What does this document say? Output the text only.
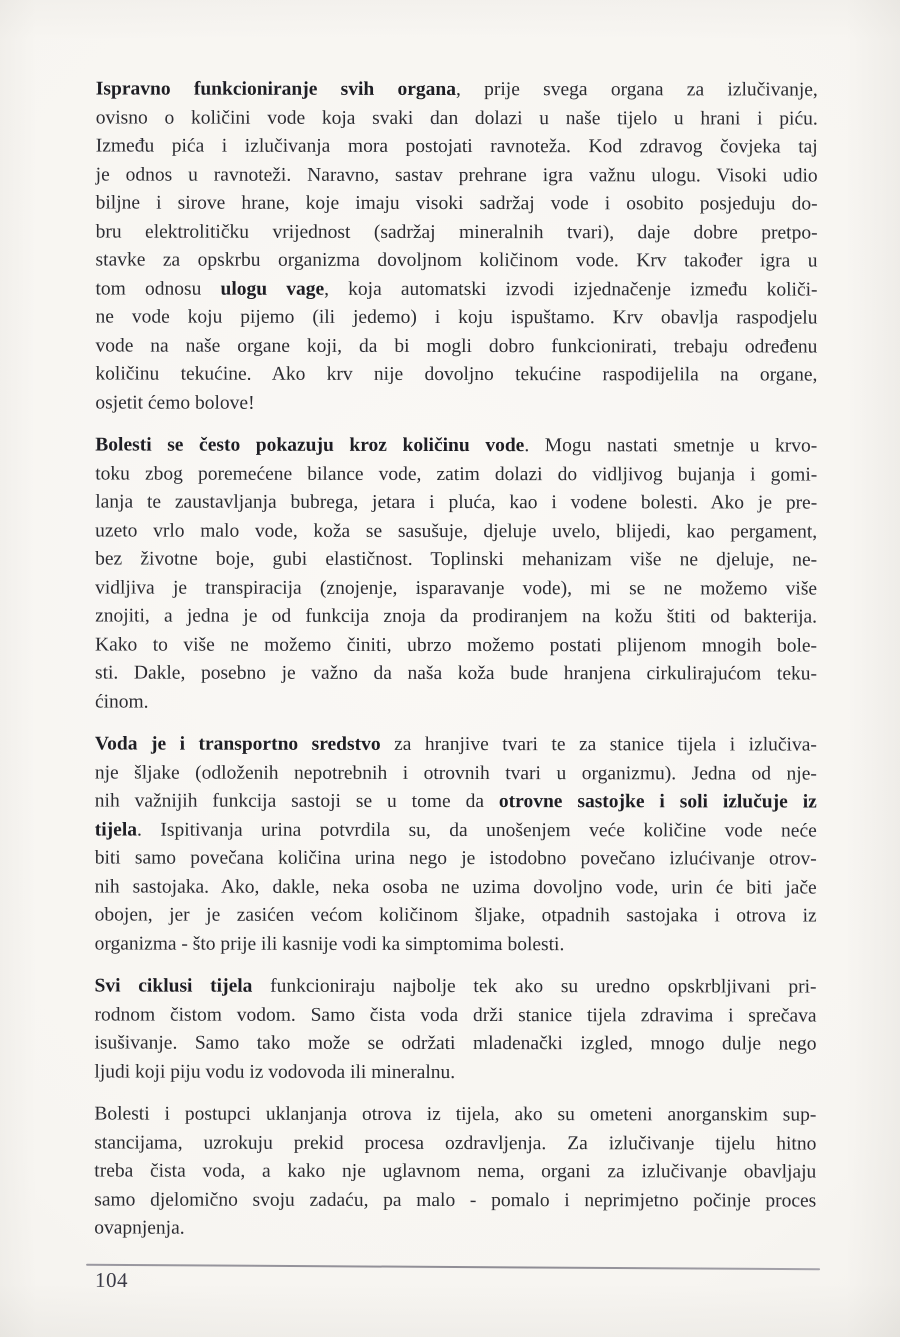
Ispravno funkcioniranje svih organa, prije svega organa za izlučivanje,
ovisno o količini vode koja svaki dan dolazi u naše tijelo u hrani i piću.
Između pića i izlučivanja mora postojati ravnoteža. Kod zdravog čovjeka taj
je odnos u ravnoteži. Naravno, sastav prehrane igra važnu ulogu. Visoki udio
biljne i sirove hrane, koje imaju visoki sadržaj vode i osobito posjeduju do-
bru elektrolitičku vrijednost (sadržaj mineralnih tvari), daje dobre pretpo-
stavke za opskrbu organizma dovoljnom količinom vode. Krv također igra u
tom odnosu ulogu vage, koja automatski izvodi izjednačenje između količi-
ne vode koju pijemo (ili jedemo) i koju ispuštamo. Krv obavlja raspodjelu
vode na naše organe koji, da bi mogli dobro funkcionirati, trebaju određenu
količinu tekućine. Ako krv nije dovoljno tekućine raspodijelila na organe,
osjetit ćemo bolove!
Bolesti se često pokazuju kroz količinu vode. Mogu nastati smetnje u krvo-
toku zbog poremećene bilance vode, zatim dolazi do vidljivog bujanja i gomi-
lanja te zaustavljanja bubrega, jetara i pluća, kao i vodene bolesti. Ako je pre-
uzeto vrlo malo vode, koža se sasušuje, djeluje uvelo, blijedi, kao pergament,
bez životne boje, gubi elastičnost. Toplinski mehanizam više ne djeluje, ne-
vidljiva je transpiracija (znojenje, isparavanje vode), mi se ne možemo više
znojiti, a jedna je od funkcija znoja da prodiranjem na kožu štiti od bakterija.
Kako to više ne možemo činiti, ubrzo možemo postati plijenom mnogih bole-
sti. Dakle, posebno je važno da naša koža bude hranjena cirkulirajućom teku-
ćinom.
Voda je i transportno sredstvo za hranjive tvari te za stanice tijela i izlučiva-
nje šljake (odloženih nepotrebnih i otrovnih tvari u organizmu). Jedna od nje-
nih važnijih funkcija sastoji se u tome da otrovne sastojke i soli izlučuje iz
tijela. Ispitivanja urina potvrdila su, da unošenjem veće količine vode neće
biti samo povečana količina urina nego je istodobno povečano izlućivanje otrov-
nih sastojaka. Ako, dakle, neka osoba ne uzima dovoljno vode, urin će biti jače
obojen, jer je zasićen većom količinom šljake, otpadnih sastojaka i otrova iz
organizma - što prije ili kasnije vodi ka simptomima bolesti.
Svi ciklusi tijela funkcioniraju najbolje tek ako su uredno opskrbljivani pri-
rodnom čistom vodom. Samo čista voda drži stanice tijela zdravima i sprečava
isušivanje. Samo tako može se održati mladenački izgled, mnogo dulje nego
ljudi koji piju vodu iz vodovoda ili mineralnu.
Bolesti i postupci uklanjanja otrova iz tijela, ako su ometeni anorganskim sup-
stancijama, uzrokuju prekid procesa ozdravljenja. Za izlučivanje tijelu hitno
treba čista voda, a kako nje uglavnom nema, organi za izlučivanje obavljaju
samo djelomično svoju zadaću, pa malo - pomalo i neprimjetno počinje proces
ovapnjenja.
104
